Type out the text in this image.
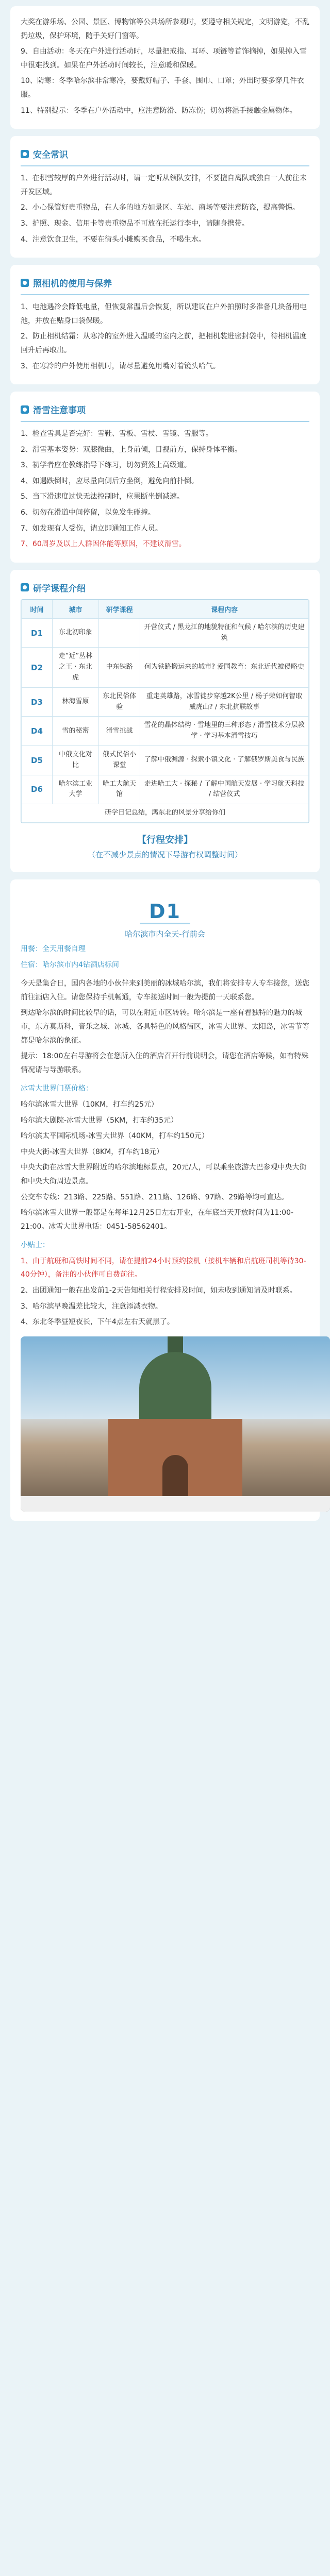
大奖在游乐场、公园、景区、博物馆等公共场所参观时，要遵守相关规定，文明游览，不乱扔垃圾，保护环境，随手关好门窗等。

9、自由活动：冬天在户外进行活动时，尽量把戒指、耳环、项链等首饰摘掉，如果掉入雪中很难找到。如果在户外活动时间较长，注意暖和保暖。

10、防寒：冬季哈尔滨非常寒冷，要戴好帽子、手套、围巾、口罩；外出时要多穿几件衣服。

11、特别提示：冬季在户外活动中，应注意防滑、防冻伤；切勿将湿手接触金属物体。

安全常识
1、在积雪较厚的户外进行活动时，请一定听从领队安排，不要擅自离队或独自一人前往未开发区域。
2、小心保管好贵重物品，在人多的地方如景区、车站、商场等要注意防盗，提高警惕。
3、护照、现金、信用卡等贵重物品不可放在托运行李中，请随身携带。
4、注意饮食卫生，不要在街头小摊购买食品，不喝生水。
照相机的使用与保养
1、电池遇冷会降低电量，但恢复常温后会恢复，所以建议在户外拍照时多准备几块备用电池，并放在贴身口袋保暖。
2、防止相机结霜：从寒冷的室外进入温暖的室内之前，把相机装进密封袋中，待相机温度回升后再取出。
3、在寒冷的户外使用相机时，请尽量避免用嘴对着镜头哈气。
滑雪注意事项
1、检查雪具是否完好：雪鞋、雪板、雪杖、雪镜、雪服等。
2、滑雪基本姿势：双膝微曲，上身前倾，目视前方，保持身体平衡。
3、初学者应在教练指导下练习，切勿贸然上高级道。
4、如遇跌倒时，应尽量向侧后方坐倒，避免向前扑倒。
5、当下滑速度过快无法控制时，应果断坐倒减速。
6、切勿在滑道中间停留，以免发生碰撞。
7、如发现有人受伤，请立即通知工作人员。
7、60周岁及以上人群因体能等原因，不建议滑雪。
研学课程介绍
时间	城市	研学课程	课程内容
D1	东北初印象		开营仪式 / 黑龙江的地貌特征和气候 / 哈尔滨的历史建筑
D2	走“近”丛林之王 · 东北虎	中东铁路	何为铁路搬运来的城市? 爱国教育：东北近代被侵略史
D3	林海雪原	东北民俗体验	重走英雄路，冰雪徒步穿越2K公里 / 杨子荣如何智取威虎山? / 东北抗联故事
D4	雪的秘密	滑雪挑战	雪花的晶体结构 · 雪地里的三种形态 / 滑雪技术分层教学 · 学习基本滑雪技巧
D5	中俄文化对比	俄式民俗小课堂	了解中俄渊源 · 探索小镇文化 · 了解俄罗斯美食与民族
D6	哈尔滨工业大学	哈工大航天馆	走进哈工大 · 探秘 / 了解中国航天发展 · 学习航天科技 / 结营仪式
研学日记总结，鸿东北的风景分享给你们			
【行程安排】
（在不减少景点的情况下导游有权调整时间）
D1
哈尔滨市内全天-行前会

用餐：全天用餐自理

住宿：哈尔滨市内4钻酒店标间

今天是集合日，国内各地的小伙伴来到美丽的冰城哈尔滨，我们将安排专人专车接您，送您前往酒店入住。请您保持手机畅通，专车接送时间一般为提前一天联系您。

到达哈尔滨的时间比较早的话，可以在附近市区转转。哈尔滨是一座有着独特的魅力的城市，东方莫斯科，音乐之城、冰城、各具特色的风格街区，冰雪大世界、太阳岛，冰雪节等都是哈尔滨的象征。

提示：18:00左右导游将会在您所入住的酒店召开行前说明会，请您在酒店等候，如有特殊情况请与导游联系。

冰雪大世界门票价格：

哈尔滨冰雪大世界（10KM，打车约25元）

哈尔滨大剧院-冰雪大世界（5KM，打车约35元）

哈尔滨太平国际机场-冰雪大世界（40KM，打车约150元）

中央大街-冰雪大世界（8KM，打车约18元）

中央大街在冰雪大世界附近的哈尔滨地标景点，20元/人，可以乘坐旅游大巴参观中央大街和中央大街周边景点。

公交车专线：213路、225路、551路、211路、126路、97路、29路等均可直达。

哈尔滨冰雪大世界一般都是在每年12月25日左右开业，在年底当天开放时间为11:00-21:00。冰雪大世界电话：0451-58562401。

小贴士：

1、由于航班和高铁时间不同，请在提前24小时预约接机（接机车辆和启航班司机等待30-40分钟），备注的小伙伴可自费前往。

2、出团通知一般在出发前1-2天告知相关行程安排及时间，如未收到通知请及时联系。

3、哈尔滨早晚温差比较大，注意添减衣物。

4、东北冬季昼短夜长，下午4点左右天就黑了。
